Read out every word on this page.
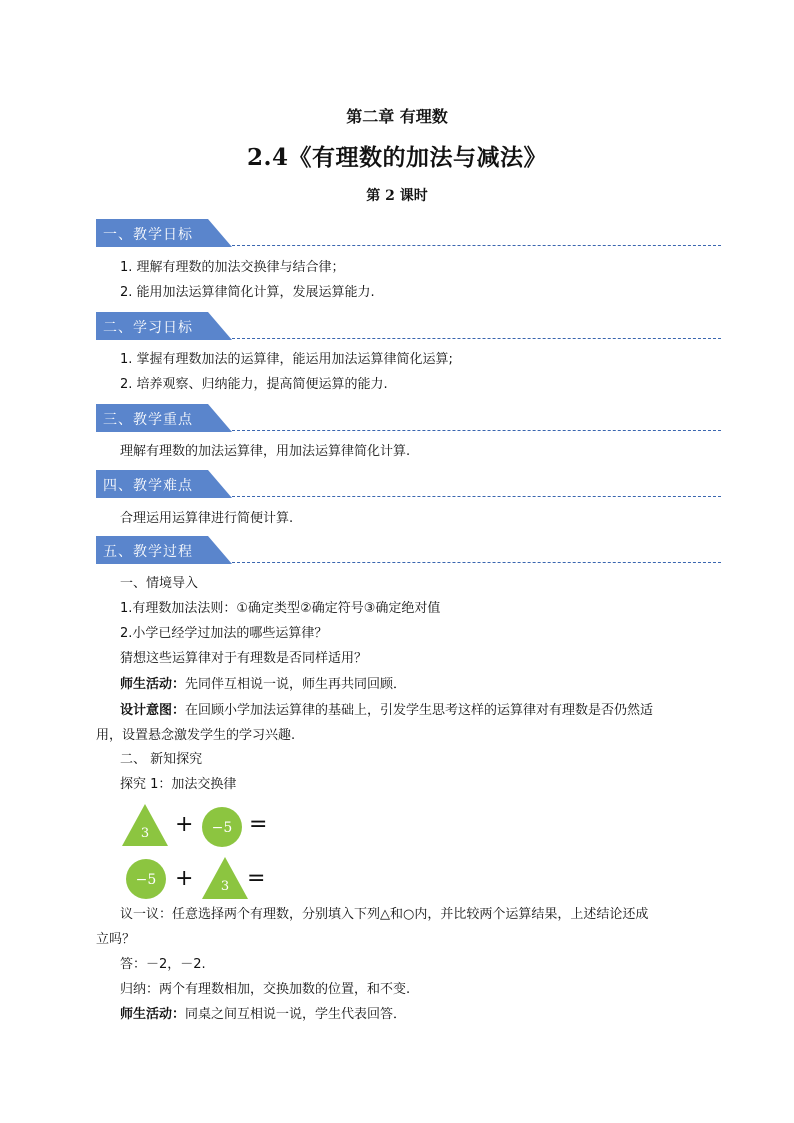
第二章 有理数
2.4《有理数的加法与减法》
第 2 课时
一、教学日标
1. 理解有理数的加法交换律与结合律；
2. 能用加法运算律简化计算，发展运算能力.
二、学习日标
1. 掌握有理数加法的运算律，能运用加法运算律简化运算;
2. 培养观察、归纳能力，提高简便运算的能力.
三、教学重点
理解有理数的加法运算律，用加法运算律简化计算.
四、教学难点
合理运用运算律进行简便计算.
五、教学过程
一、情境导入
1.有理数加法法则：①确定类型②确定符号③确定绝对值
2.小学已经学过加法的哪些运算律？
猜想这些运算律对于有理数是否同样适用？
师生活动：先同伴互相说一说，师生再共同回顾．
设计意图：在回顾小学加法运算律的基础上，引发学生思考这样的运算律对有理数是否仍然适
用，设置悬念激发学生的学习兴趣.
二、 新知探究
探究 1：加法交换律
3 + −5 =
−5 + 3 =
议一议：任意选择两个有理数，分别填入下列△和○内，并比较两个运算结果，上述结论还成
立吗？
答：－2，－2.
归纳：两个有理数相加，交换加数的位置，和不变.
师生活动：同桌之间互相说一说，学生代表回答．
